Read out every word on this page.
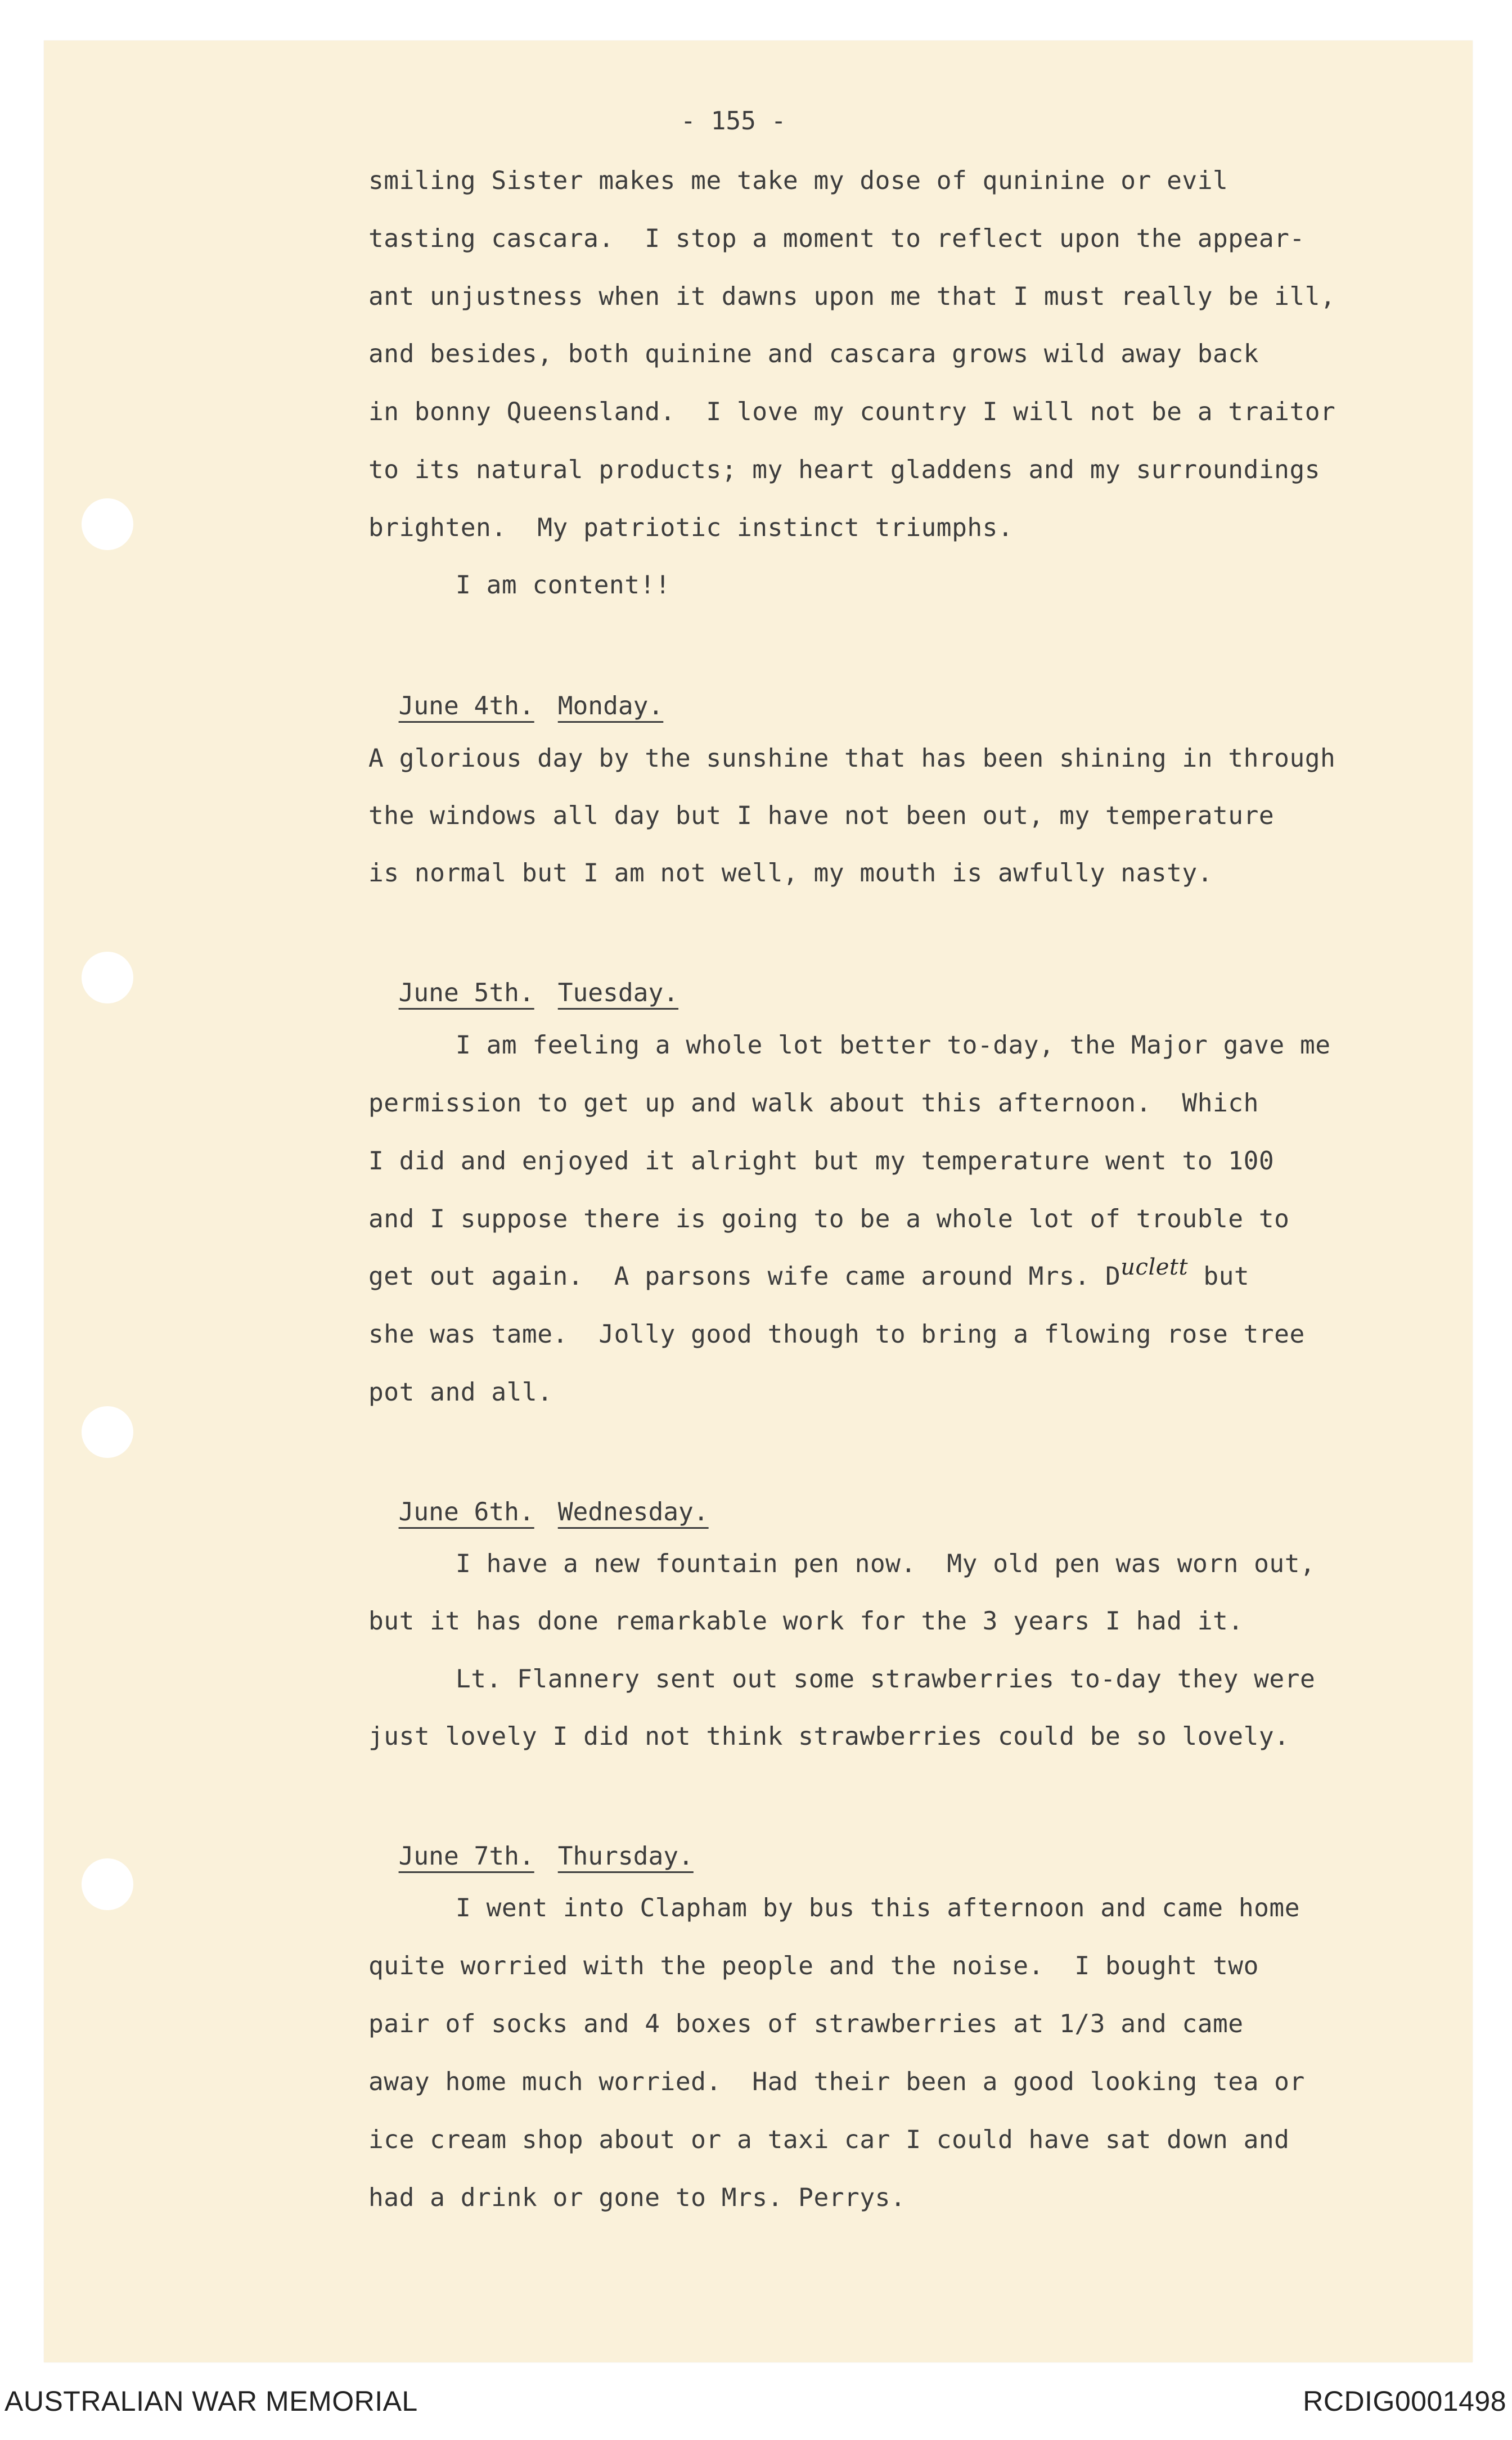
- 155 -

smiling Sister makes me take my dose of quninine or evil

tasting cascara.  I stop a moment to reflect upon the appear-

ant unjustness when it dawns upon me that I must really be ill,

and besides, both quinine and cascara grows wild away back

in bonny Queensland.  I love my country I will not be a traitor

to its natural products; my heart gladdens and my surroundings

brighten.  My patriotic instinct triumphs.

I am content!!

June 4th. Monday.

A glorious day by the sunshine that has been shining in through

the windows all day but I have not been out, my temperature

is normal but I am not well, my mouth is awfully nasty.

June 5th. Tuesday.

I am feeling a whole lot better to-day, the Major gave me

permission to get up and walk about this afternoon.  Which

I did and enjoyed it alright but my temperature went to 100

and I suppose there is going to be a whole lot of trouble to

get out again.  A parsons wife came around Mrs. Duclett but

she was tame.  Jolly good though to bring a flowing rose tree

pot and all.

June 6th. Wednesday.

I have a new fountain pen now.  My old pen was worn out,

but it has done remarkable work for the 3 years I had it.

Lt. Flannery sent out some strawberries to-day they were

just lovely I did not think strawberries could be so lovely.

June 7th. Thursday.

I went into Clapham by bus this afternoon and came home

quite worried with the people and the noise.  I bought two

pair of socks and 4 boxes of strawberries at 1/3 and came

away home much worried.  Had their been a good looking tea or

ice cream shop about or a taxi car I could have sat down and

had a drink or gone to Mrs. Perrys.

AUSTRALIAN WAR MEMORIAL	RCDIG0001498
